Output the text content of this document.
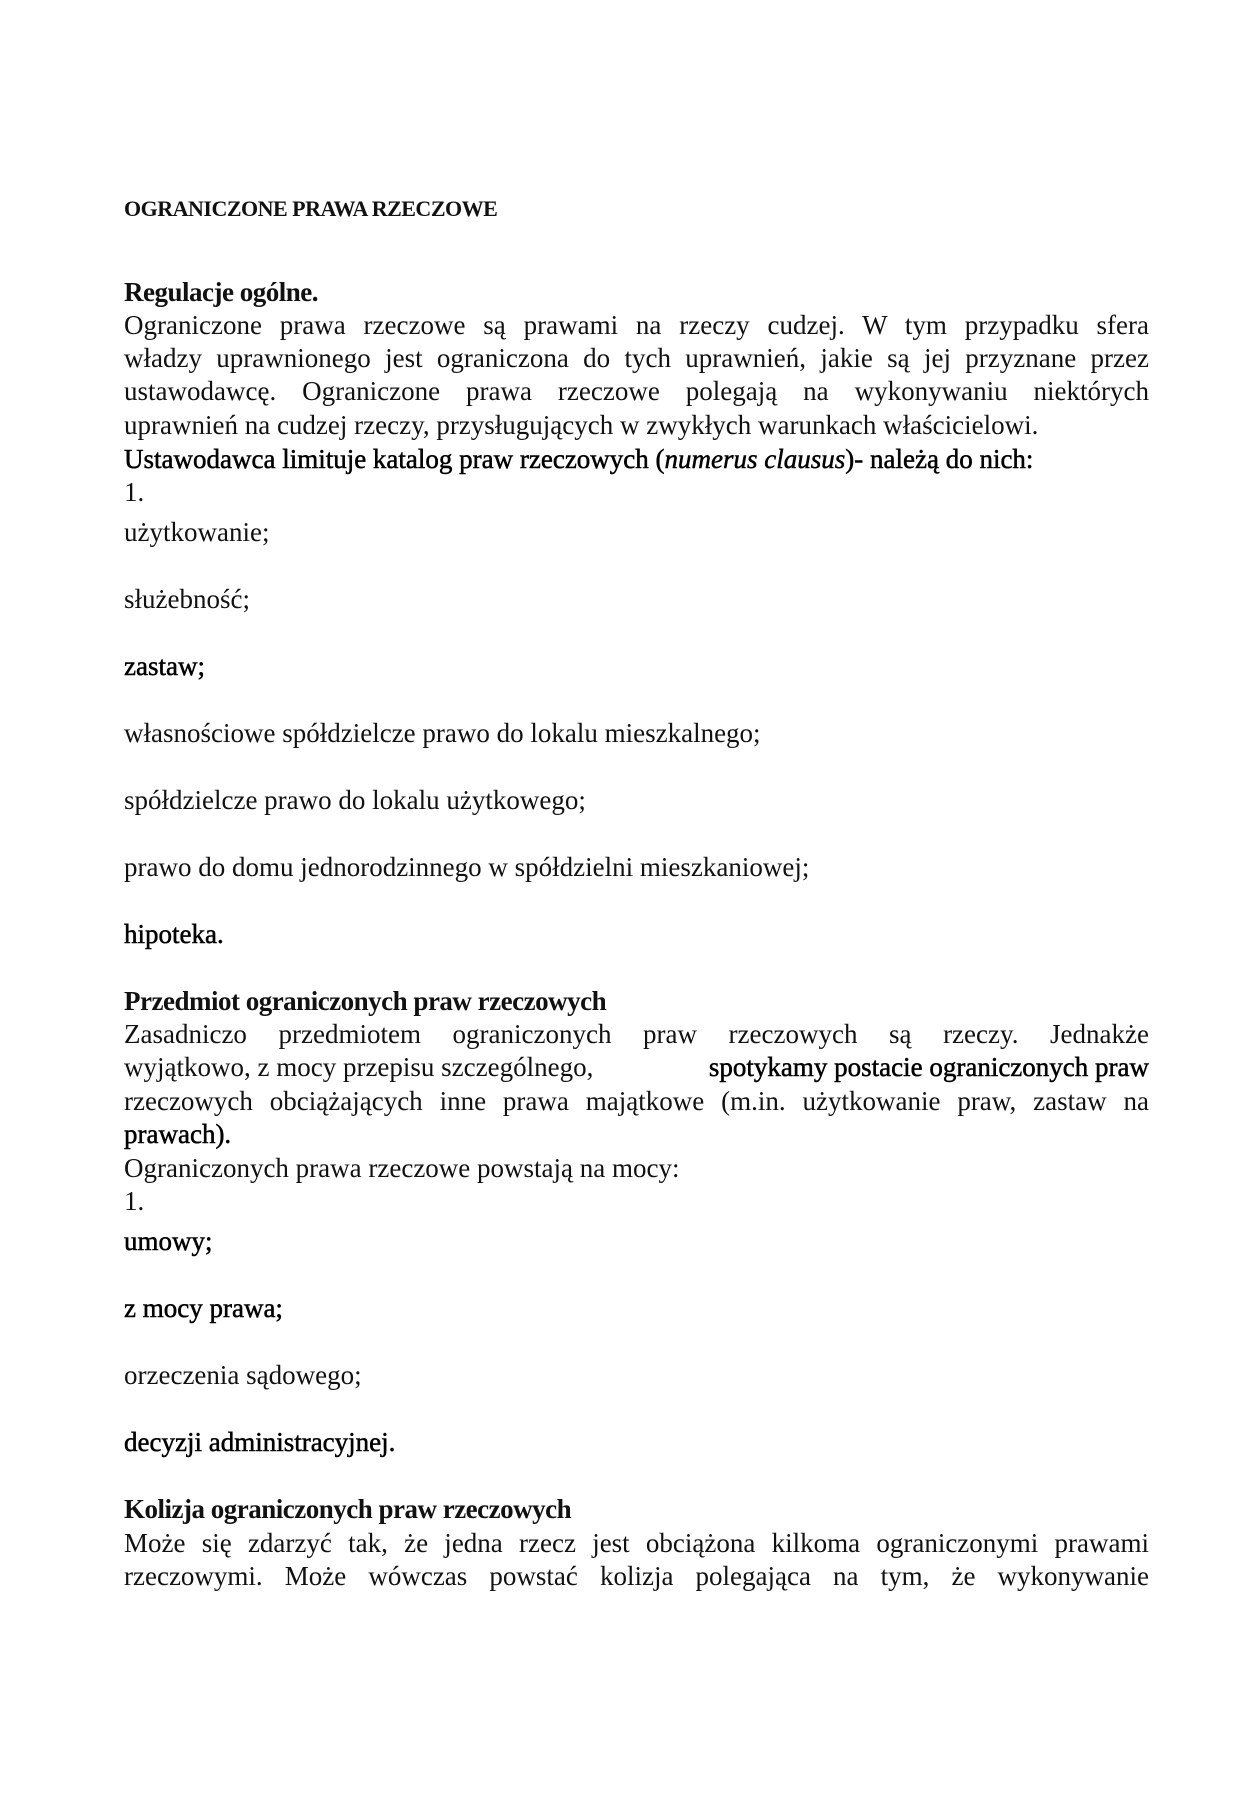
OGRANICZONE PRAWA RZECZOWE
Regulacje ogólne.
Ograniczone prawa rzeczowe są prawami na rzeczy cudzej. W tym przypadku sfera
władzy uprawnionego jest ograniczona do tych uprawnień, jakie są jej przyznane przez
ustawodawcę. Ograniczone prawa rzeczowe polegają na wykonywaniu niektórych
uprawnień na cudzej rzeczy, przysługujących w zwykłych warunkach właścicielowi.
Ustawodawca limituje katalog praw rzeczowych (numerus clausus)- należą do nich:
1.
użytkowanie;
służebność;
zastaw;
własnościowe spółdzielcze prawo do lokalu mieszkalnego;
spółdzielcze prawo do lokalu użytkowego;
prawo do domu jednorodzinnego w spółdzielni mieszkaniowej;
hipoteka.
Przedmiot ograniczonych praw rzeczowych
Zasadniczo przedmiotem ograniczonych praw rzeczowych są rzeczy. Jednakże
wyjątkowo, z mocy przepisu szczególnego,	spotykamy postacie ograniczonych praw
rzeczowych obciążających inne prawa majątkowe (m.in. użytkowanie praw, zastaw na
prawach).
Ograniczonych prawa rzeczowe powstają na mocy:
1.
umowy;
z mocy prawa;
orzeczenia sądowego;
decyzji administracyjnej.
Kolizja ograniczonych praw rzeczowych
Może się zdarzyć tak, że jedna rzecz jest obciążona kilkoma ograniczonymi prawami
rzeczowymi. Może wówczas powstać kolizja polegająca na tym, że wykonywanie
